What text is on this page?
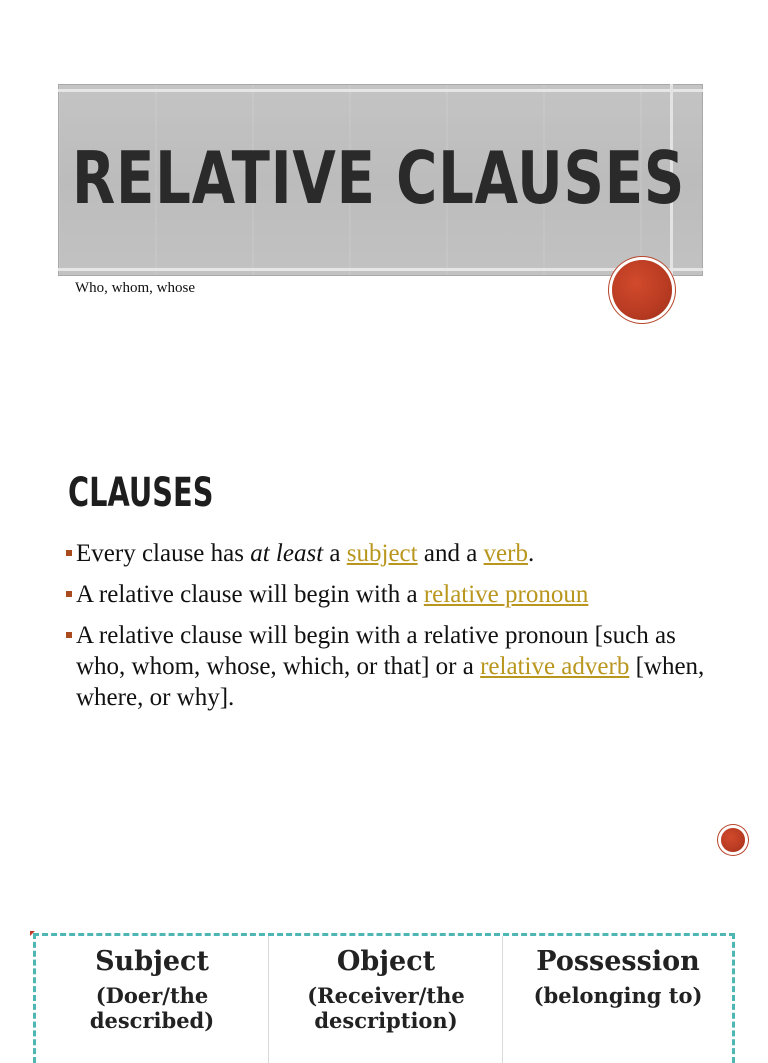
RELATIVE CLAUSES
Who, whom, whose
CLAUSES
Every clause has at least a subject and a verb.
A relative clause will begin with a relative pronoun
A relative clause will begin with a relative pronoun [such as who, whom, whose, which, or that] or a relative adverb [when, where, or why].
Subject
(Doer/the described)
Object
(Receiver/the description)
Possession
(belonging to)
